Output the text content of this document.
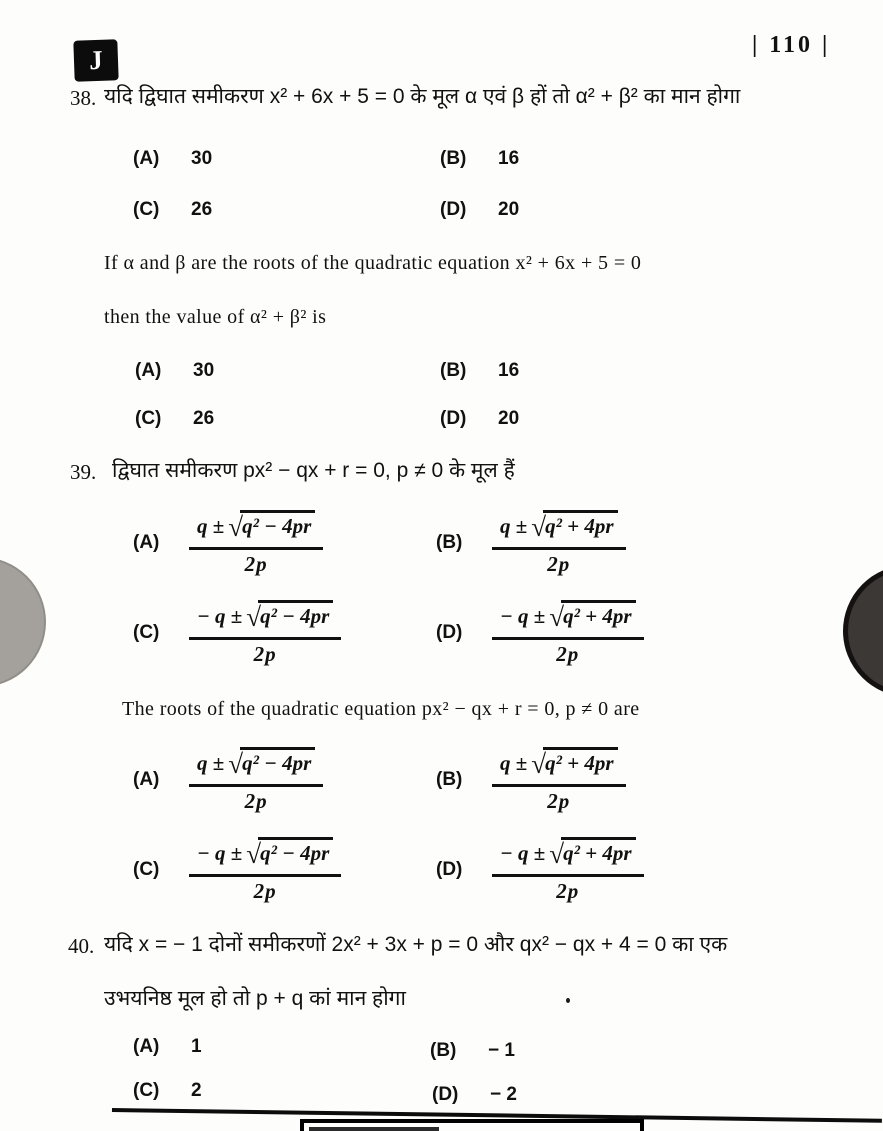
J	| 110 |
38. यदि द्विघात समीकरण x² + 6x + 5 = 0 के मूल α एवं β हों तो α² + β² का मान होगा
(A) 30	(B) 16
(C) 26	(D) 20
If α and β are the roots of the quadratic equation x² + 6x + 5 = 0
then the value of α² + β² is
(A) 30	(B) 16
(C) 26	(D) 20
39. द्विघात समीकरण px² − qx + r = 0, p ≠ 0 के मूल हैं
(A)	$\frac{\text{q ± √q² − 4pr}}{2p}$	(B)	$\frac{\text{q ± √q² + 4pr}}{2p}$
(C)	$\frac{\text{− q ± √q² − 4pr}}{2p}$	(D)	$\frac{\text{− q ± √q² + 4pr}}{2p}$
The roots of the quadratic equation px² − qx + r = 0, p ≠ 0 are
(A)	$\frac{\text{q ± √q² − 4pr}}{2p}$	(B)	$\frac{\text{q ± √q² + 4pr}}{2p}$
(C)	$\frac{\text{− q ± √q² − 4pr}}{2p}$	(D)	$\frac{\text{− q ± √q² + 4pr}}{2p}$
40. यदि x = − 1 दोनों समीकरणों 2x² + 3x + p = 0 और qx² − qx + 4 = 0 का एक
उभयनिष्ठ मूल हो तो p + q कां मान होगा
(A) 1	(B) − 1
(C) 2	(D) − 2
